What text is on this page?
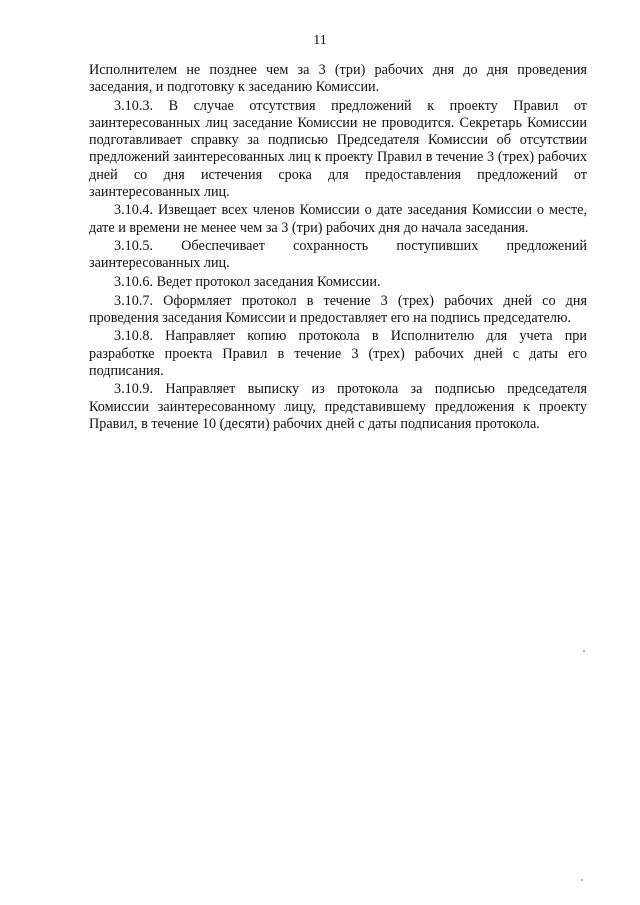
11

Исполнителем не позднее чем за 3 (три) рабочих дня до дня проведения заседания, и подготовку к заседанию Комиссии.

3.10.3. В случае отсутствия предложений к проекту Правил от заинтересованных лиц заседание Комиссии не проводится. Секретарь Комиссии подготавливает справку за подписью Председателя Комиссии об отсутствии предложений заинтересованных лиц к проекту Правил в течение 3 (трех) рабочих дней со дня истечения срока для предоставления предложений от заинтересованных лиц.

3.10.4. Извещает всех членов Комиссии о дате заседания Комиссии о месте, дате и времени не менее чем за 3 (три) рабочих дня до начала заседания.

3.10.5. Обеспечивает сохранность поступивших предложений заинтересованных лиц.

3.10.6. Ведет протокол заседания Комиссии.

3.10.7. Оформляет протокол в течение 3 (трех) рабочих дней со дня проведения заседания Комиссии и предоставляет его на подпись председателю.

3.10.8. Направляет копию протокола в Исполнителю для учета при разработке проекта Правил в течение 3 (трех) рабочих дней с даты его подписания.

3.10.9. Направляет выписку из протокола за подписью председателя Комиссии заинтересованному лицу, представившему предложения к проекту Правил, в течение 10 (десяти) рабочих дней с даты подписания протокола.
